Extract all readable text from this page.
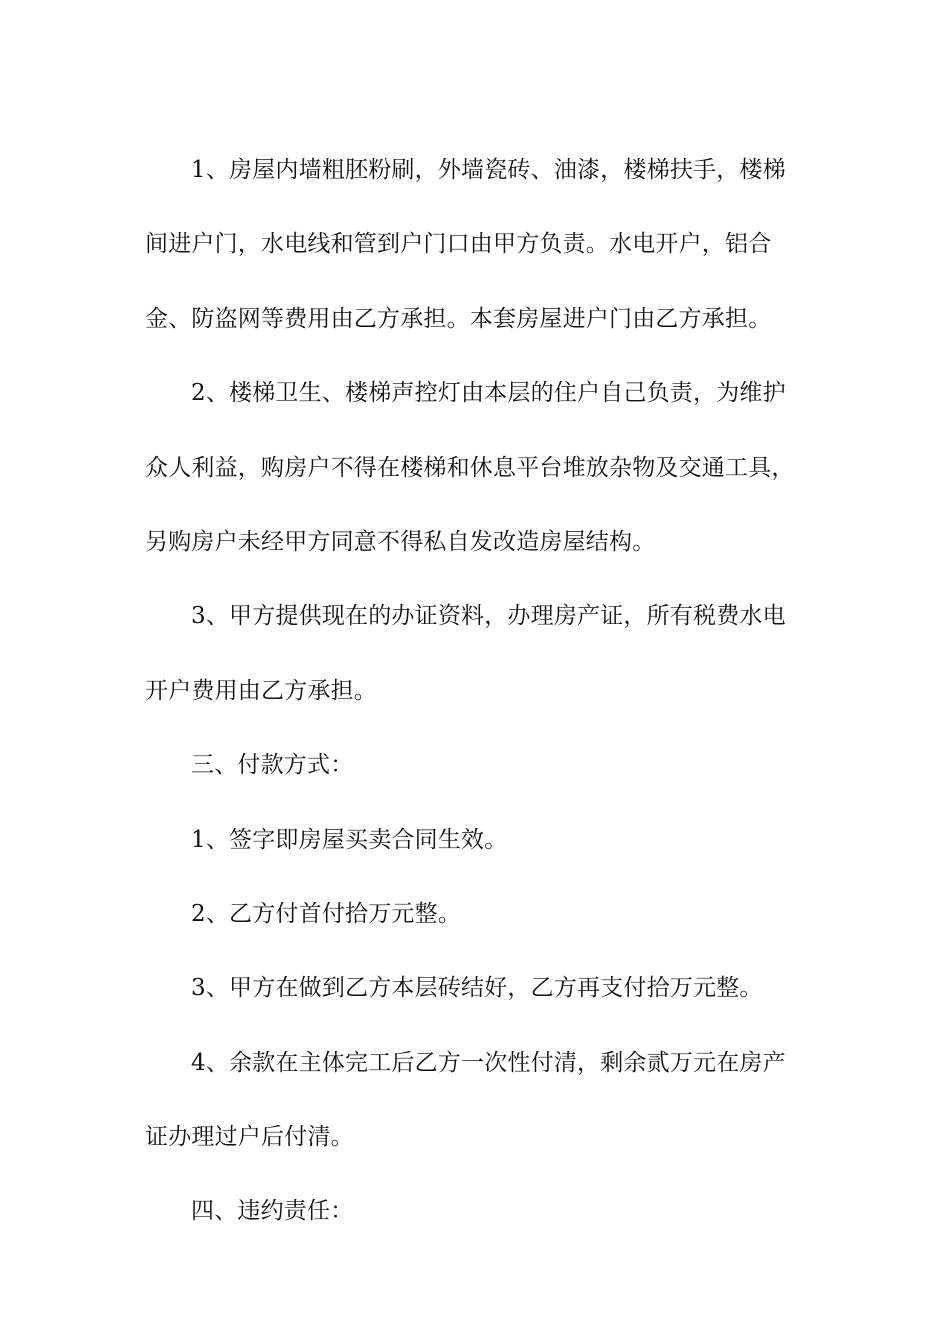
1、房屋内墙粗胚粉刷，外墙瓷砖、油漆，楼梯扶手，楼梯
间进户门，水电线和管到户门口由甲方负责。水电开户，铝合
金、防盗网等费用由乙方承担。本套房屋进户门由乙方承担。
2、楼梯卫生、楼梯声控灯由本层的住户自己负责，为维护
众人利益，购房户不得在楼梯和休息平台堆放杂物及交通工具，
另购房户未经甲方同意不得私自发改造房屋结构。
3、甲方提供现在的办证资料，办理房产证，所有税费水电
开户费用由乙方承担。
三、付款方式：
1、签字即房屋买卖合同生效。
2、乙方付首付拾万元整。
3、甲方在做到乙方本层砖结好，乙方再支付拾万元整。
4、余款在主体完工后乙方一次性付清，剩余贰万元在房产
证办理过户后付清。
四、违约责任：
